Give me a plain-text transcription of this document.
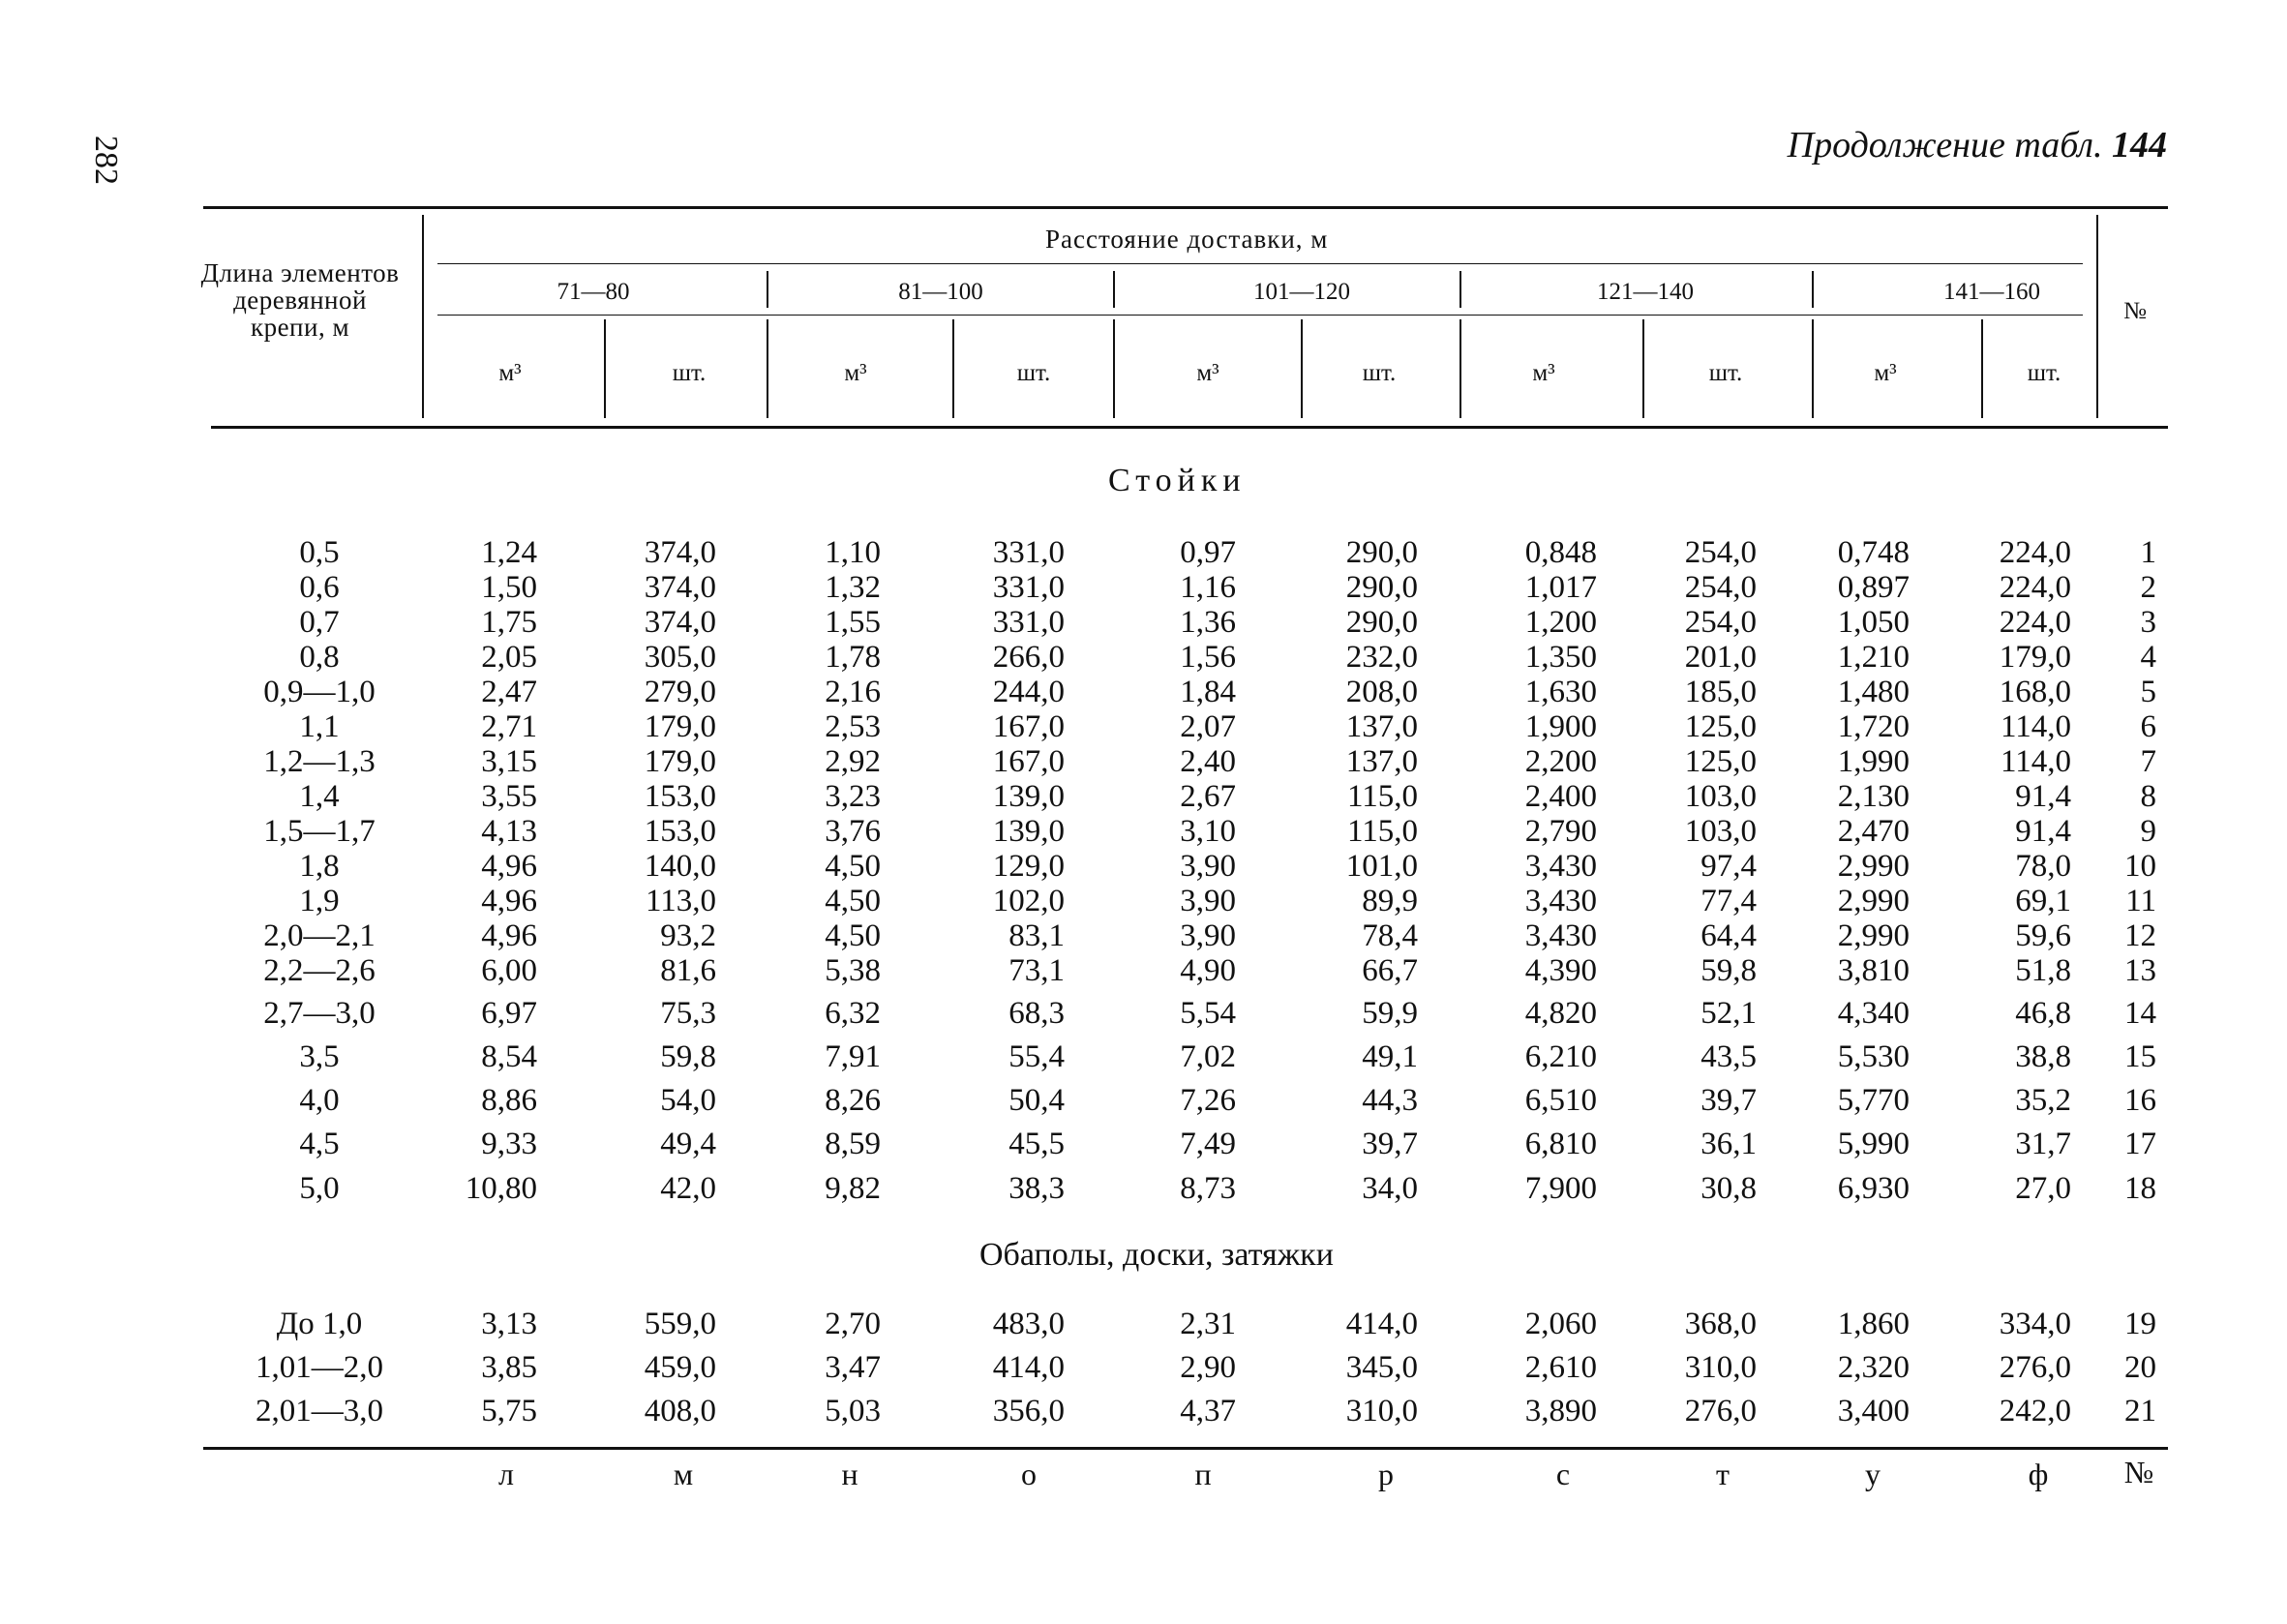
282	Продолжение табл. 144
Длина элементов деревянной крепи, м
Расстояние доставки, м
№
71—80	81—100	101—120	121—140	141—160
м³	шт.	м³	шт.	м³	шт.	м³	шт.	м³	шт.
Стойки
0,5	1,24	374,0	1,10	331,0	0,97	290,0	0,848	254,0	0,748	224,0	1
0,6	1,50	374,0	1,32	331,0	1,16	290,0	1,017	254,0	0,897	224,0	2
0,7	1,75	374,0	1,55	331,0	1,36	290,0	1,200	254,0	1,050	224,0	3
0,8	2,05	305,0	1,78	266,0	1,56	232,0	1,350	201,0	1,210	179,0	4
0,9—1,0	2,47	279,0	2,16	244,0	1,84	208,0	1,630	185,0	1,480	168,0	5
1,1	2,71	179,0	2,53	167,0	2,07	137,0	1,900	125,0	1,720	114,0	6
1,2—1,3	3,15	179,0	2,92	167,0	2,40	137,0	2,200	125,0	1,990	114,0	7
1,4	3,55	153,0	3,23	139,0	2,67	115,0	2,400	103,0	2,130	91,4	8
1,5—1,7	4,13	153,0	3,76	139,0	3,10	115,0	2,790	103,0	2,470	91,4	9
1,8	4,96	140,0	4,50	129,0	3,90	101,0	3,430	97,4	2,990	78,0	10
1,9	4,96	113,0	4,50	102,0	3,90	89,9	3,430	77,4	2,990	69,1	11
2,0—2,1	4,96	93,2	4,50	83,1	3,90	78,4	3,430	64,4	2,990	59,6	12
2,2—2,6	6,00	81,6	5,38	73,1	4,90	66,7	4,390	59,8	3,810	51,8	13
2,7—3,0	6,97	75,3	6,32	68,3	5,54	59,9	4,820	52,1	4,340	46,8	14
3,5	8,54	59,8	7,91	55,4	7,02	49,1	6,210	43,5	5,530	38,8	15
4,0	8,86	54,0	8,26	50,4	7,26	44,3	6,510	39,7	5,770	35,2	16
4,5	9,33	49,4	8,59	45,5	7,49	39,7	6,810	36,1	5,990	31,7	17
5,0	10,80	42,0	9,82	38,3	8,73	34,0	7,900	30,8	6,930	27,0	18
Обаполы, доски, затяжки
До 1,0	3,13	559,0	2,70	483,0	2,31	414,0	2,060	368,0	1,860	334,0	19
1,01—2,0	3,85	459,0	3,47	414,0	2,90	345,0	2,610	310,0	2,320	276,0	20
2,01—3,0	5,75	408,0	5,03	356,0	4,37	310,0	3,890	276,0	3,400	242,0	21
л	м	н	о	п	р	с	т	у	ф	№
